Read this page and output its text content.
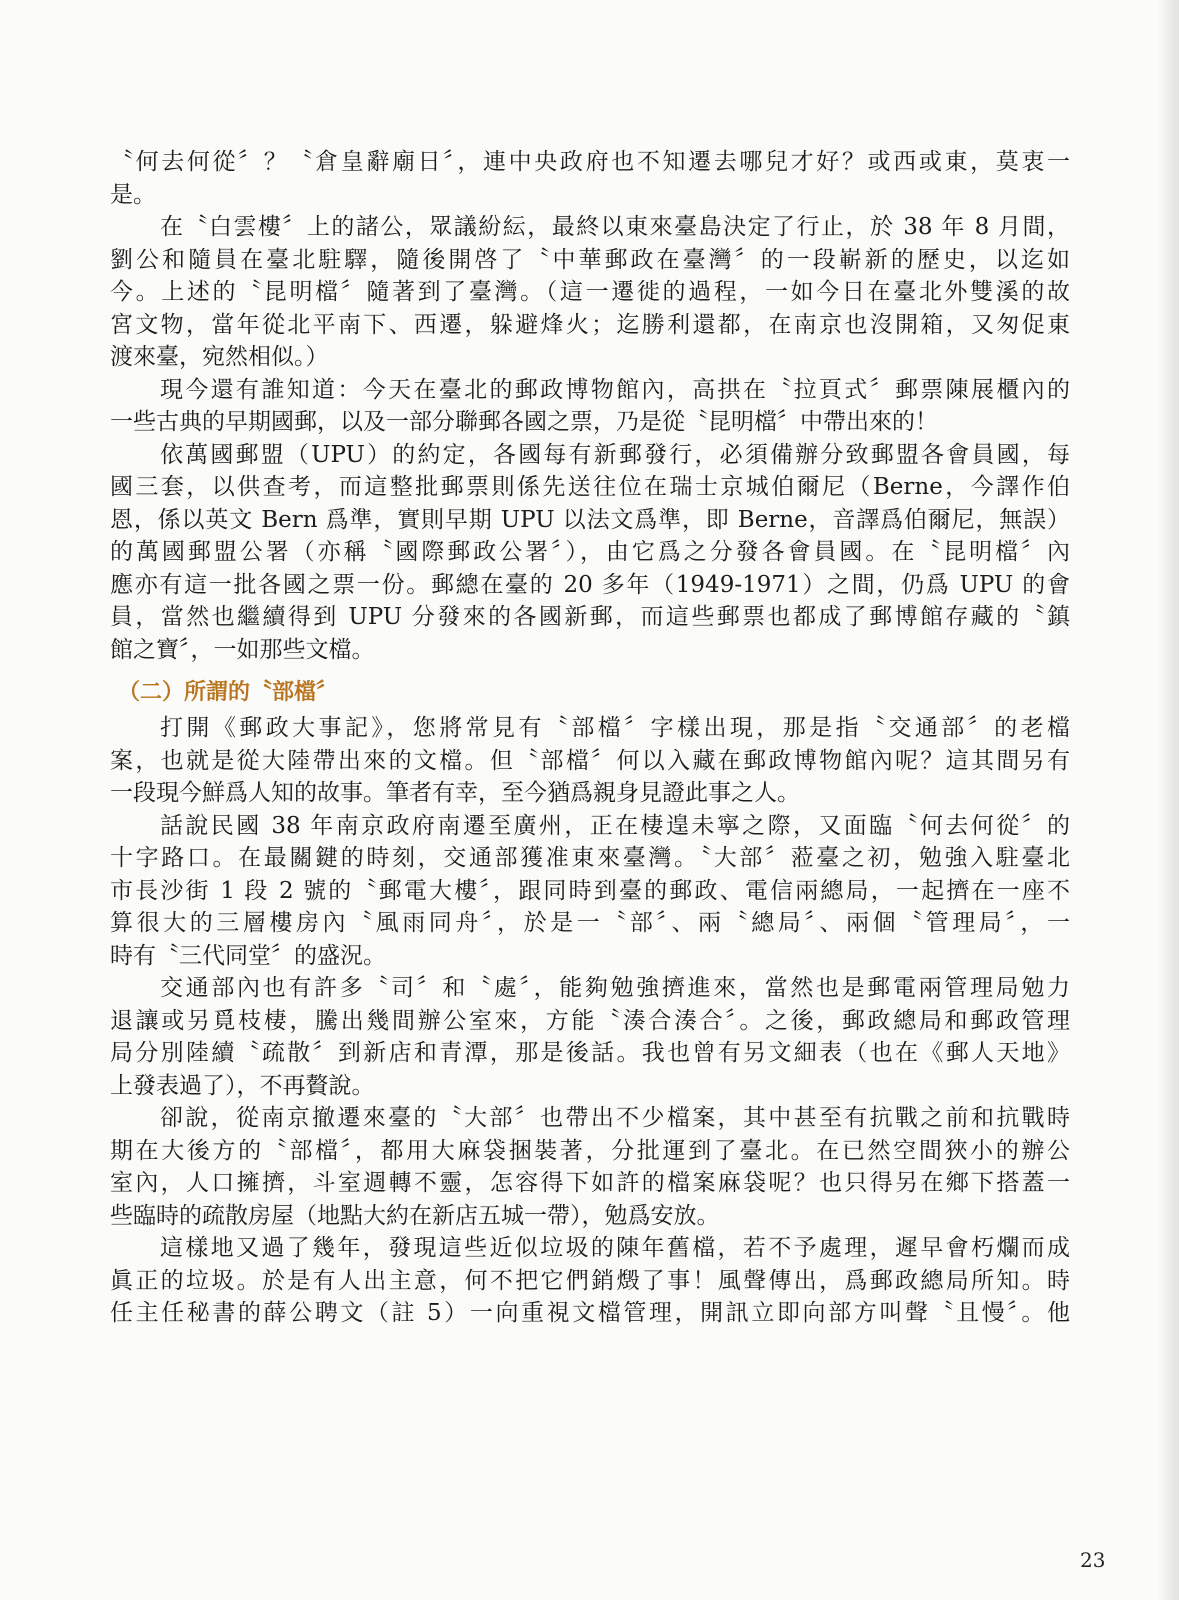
〝何去何從〞？〝倉皇辭廟日〞，連中央政府也不知遷去哪兒才好？或西或東，莫衷一
是。
在〝白雲樓〞上的諸公，眾議紛紜，最終以東來臺島決定了行止，於 38 年 8 月間，
劉公和隨員在臺北駐驛，隨後開啓了〝中華郵政在臺灣〞的一段嶄新的歷史，以迄如
今。上述的〝昆明檔〞隨著到了臺灣。（這一遷徙的過程，一如今日在臺北外雙溪的故
宮文物，當年從北平南下、西遷，躲避烽火；迄勝利還都，在南京也沒開箱，又匆促東
渡來臺，宛然相似。）
現今還有誰知道：今天在臺北的郵政博物館內，高拱在〝拉頁式〞郵票陳展櫃內的
一些古典的早期國郵，以及一部分聯郵各國之票，乃是從〝昆明檔〞中帶出來的！
依萬國郵盟（UPU）的約定，各國每有新郵發行，必須備辦分致郵盟各會員國，每
國三套，以供查考，而這整批郵票則係先送往位在瑞士京城伯爾尼（Berne，今譯作伯
恩，係以英文 Bern 爲準，實則早期 UPU 以法文爲準，即 Berne，音譯爲伯爾尼，無誤）
的萬國郵盟公署（亦稱〝國際郵政公署〞），由它爲之分發各會員國。在〝昆明檔〞內
應亦有這一批各國之票一份。郵總在臺的 20 多年（1949-1971）之間，仍爲 UPU 的會
員，當然也繼續得到 UPU 分發來的各國新郵，而這些郵票也都成了郵博館存藏的〝鎮
館之寶〞，一如那些文檔。
（二）所謂的〝部檔〞
打開《郵政大事記》，您將常見有〝部檔〞字樣出現，那是指〝交通部〞的老檔
案，也就是從大陸帶出來的文檔。但〝部檔〞何以入藏在郵政博物館內呢？這其間另有
一段現今鮮爲人知的故事。筆者有幸，至今猶爲親身見證此事之人。
話說民國 38 年南京政府南遷至廣州，正在棲遑未寧之際，又面臨〝何去何從〞的
十字路口。在最關鍵的時刻，交通部獲准東來臺灣。〝大部〞蒞臺之初，勉強入駐臺北
市長沙街 1 段 2 號的〝郵電大樓〞，跟同時到臺的郵政、電信兩總局，一起擠在一座不
算很大的三層樓房內〝風雨同舟〞，於是一〝部〞、兩〝總局〞、兩個〝管理局〞，一
時有〝三代同堂〞的盛況。
交通部內也有許多〝司〞和〝處〞，能夠勉強擠進來，當然也是郵電兩管理局勉力
退讓或另覓枝棲，騰出幾間辦公室來，方能〝湊合湊合〞。之後，郵政總局和郵政管理
局分別陸續〝疏散〞到新店和青潭，那是後話。我也曾有另文細表（也在《郵人天地》
上發表過了），不再贅說。
卻說，從南京撤遷來臺的〝大部〞也帶出不少檔案，其中甚至有抗戰之前和抗戰時
期在大後方的〝部檔〞，都用大麻袋捆裝著，分批運到了臺北。在已然空間狹小的辦公
室內，人口擁擠，斗室週轉不靈，怎容得下如許的檔案麻袋呢？也只得另在鄉下搭蓋一
些臨時的疏散房屋（地點大約在新店五城一帶），勉爲安放。
這樣地又過了幾年，發現這些近似垃圾的陳年舊檔，若不予處理，遲早會朽爛而成
眞正的垃圾。於是有人出主意，何不把它們銷燬了事！風聲傳出，爲郵政總局所知。時
任主任秘書的薛公聘文（註 5）一向重視文檔管理，開訊立即向部方叫聲〝且慢〞。他
23
